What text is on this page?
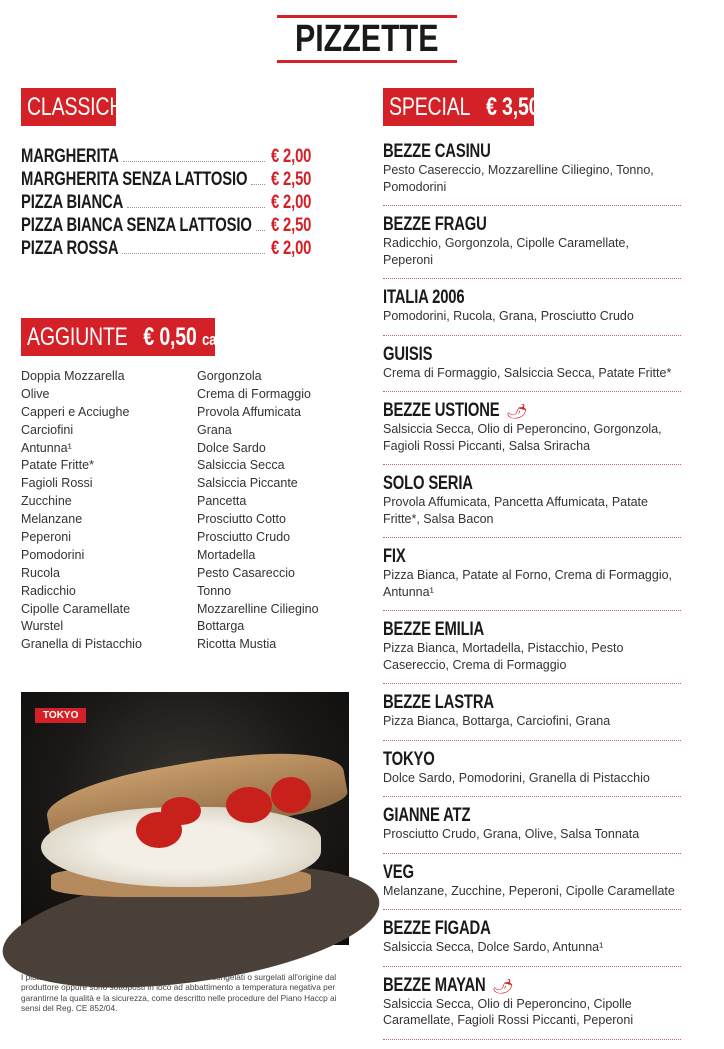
PIZZETTE
CLASSICHE
MARGHERITA	€ 2,00
MARGHERITA SENZA LATTOSIO € 2,50
PIZZA BIANCA	€ 2,00
PIZZA BIANCA SENZA LATTOSIO € 2,50
PIZZA ROSSA	€ 2,00
AGGIUNTE € 0,50 cad
Doppia Mozzarella
Olive
Capperi e Acciughe
Carciofini
Antunna¹
Patate Fritte*
Fagioli Rossi
Zucchine
Melanzane
Peperoni
Pomodorini
Rucola
Radicchio
Cipolle Caramellate
Wurstel
Granella di Pistacchio
Gorgonzola
Crema di Formaggio
Provola Affumicata
Grana
Dolce Sardo
Salsiccia Secca
Salsiccia Piccante
Pancetta
Prosciutto Cotto
Prosciutto Crudo
Mortadella
Pesto Casareccio
Tonno
Mozzarelline Ciliegino
Bottarga
Ricotta Mustia
TOKYO
I piatti o gli ingredienti contrassegnati con " * " sono congelati o surgelati all'origine dal produttore oppure sono sottoposti in loco ad abbattimento a temperatura negativa per garantirne la qualità e la sicurezza, come descritto nelle procedure del Piano Haccp ai sensi del Reg. CE 852/04.
SPECIAL € 3,50
BEZZE CASINU
Pesto Casereccio, Mozzarelline Ciliegino, Tonno, Pomodorini
BEZZE FRAGU
Radicchio, Gorgonzola, Cipolle Caramellate, Peperoni
ITALIA 2006
Pomodorini, Rucola, Grana, Prosciutto Crudo
GUISIS
Crema di Formaggio, Salsiccia Secca, Patate Fritte*
BEZZE USTIONE 🌶
Salsiccia Secca, Olio di Peperoncino, Gorgonzola, Fagioli Rossi Piccanti, Salsa Sriracha
SOLO SERIA
Provola Affumicata, Pancetta Affumicata, Patate Fritte*, Salsa Bacon
FIX
Pizza Bianca, Patate al Forno, Crema di Formaggio, Antunna¹
BEZZE EMILIA
Pizza Bianca, Mortadella, Pistacchio, Pesto Casereccio, Crema di Formaggio
BEZZE LASTRA
Pizza Bianca, Bottarga, Carciofini, Grana
TOKYO
Dolce Sardo, Pomodorini, Granella di Pistacchio
GIANNE ATZ
Prosciutto Crudo, Grana, Olive, Salsa Tonnata
VEG
Melanzane, Zucchine, Peperoni, Cipolle Caramellate
BEZZE FIGADA
Salsiccia Secca, Dolce Sardo, Antunna¹
BEZZE MAYAN 🌶
Salsiccia Secca, Olio di Peperoncino, Cipolle Caramellate, Fagioli Rossi Piccanti, Peperoni
